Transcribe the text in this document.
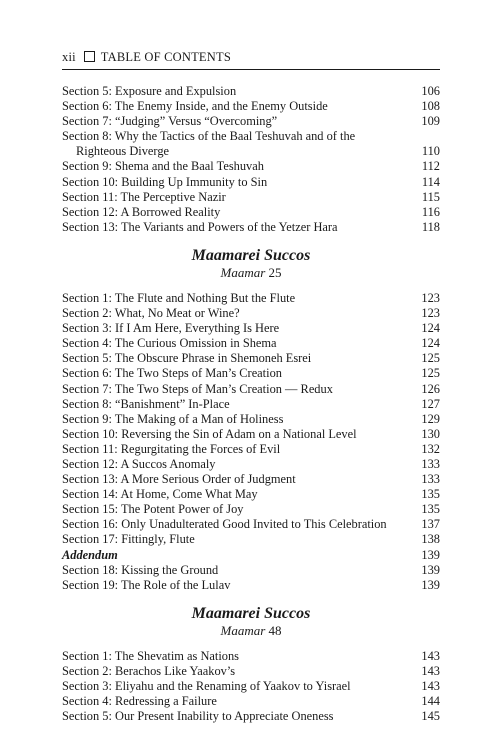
xii TABLE OF CONTENTS
Section 5: Exposure and Expulsion	106
Section 6: The Enemy Inside, and the Enemy Outside	108
Section 7: “Judging” Versus “Overcoming”	109
Section 8: Why the Tactics of the Baal Teshuvah and of the
Righteous Diverge	110
Section 9: Shema and the Baal Teshuvah	112
Section 10: Building Up Immunity to Sin	114
Section 11: The Perceptive Nazir	115
Section 12: A Borrowed Reality	116
Section 13: The Variants and Powers of the Yetzer Hara	118
Maamarei Succos
Maamar 25
Section 1: The Flute and Nothing But the Flute	123
Section 2: What, No Meat or Wine?	123
Section 3: If I Am Here, Everything Is Here	124
Section 4: The Curious Omission in Shema	124
Section 5: The Obscure Phrase in Shemoneh Esrei	125
Section 6: The Two Steps of Man’s Creation	125
Section 7: The Two Steps of Man’s Creation — Redux	126
Section 8: “Banishment” In-Place	127
Section 9: The Making of a Man of Holiness	129
Section 10: Reversing the Sin of Adam on a National Level	130
Section 11: Regurgitating the Forces of Evil	132
Section 12: A Succos Anomaly	133
Section 13: A More Serious Order of Judgment	133
Section 14: At Home, Come What May	135
Section 15: The Potent Power of Joy	135
Section 16: Only Unadulterated Good Invited to This Celebration	137
Section 17: Fittingly, Flute	138
Addendum	139
Section 18: Kissing the Ground	139
Section 19: The Role of the Lulav	139
Maamarei Succos
Maamar 48
Section 1: The Shevatim as Nations	143
Section 2: Berachos Like Yaakov’s	143
Section 3: Eliyahu and the Renaming of Yaakov to Yisrael	143
Section 4: Redressing a Failure	144
Section 5: Our Present Inability to Appreciate Oneness	145
